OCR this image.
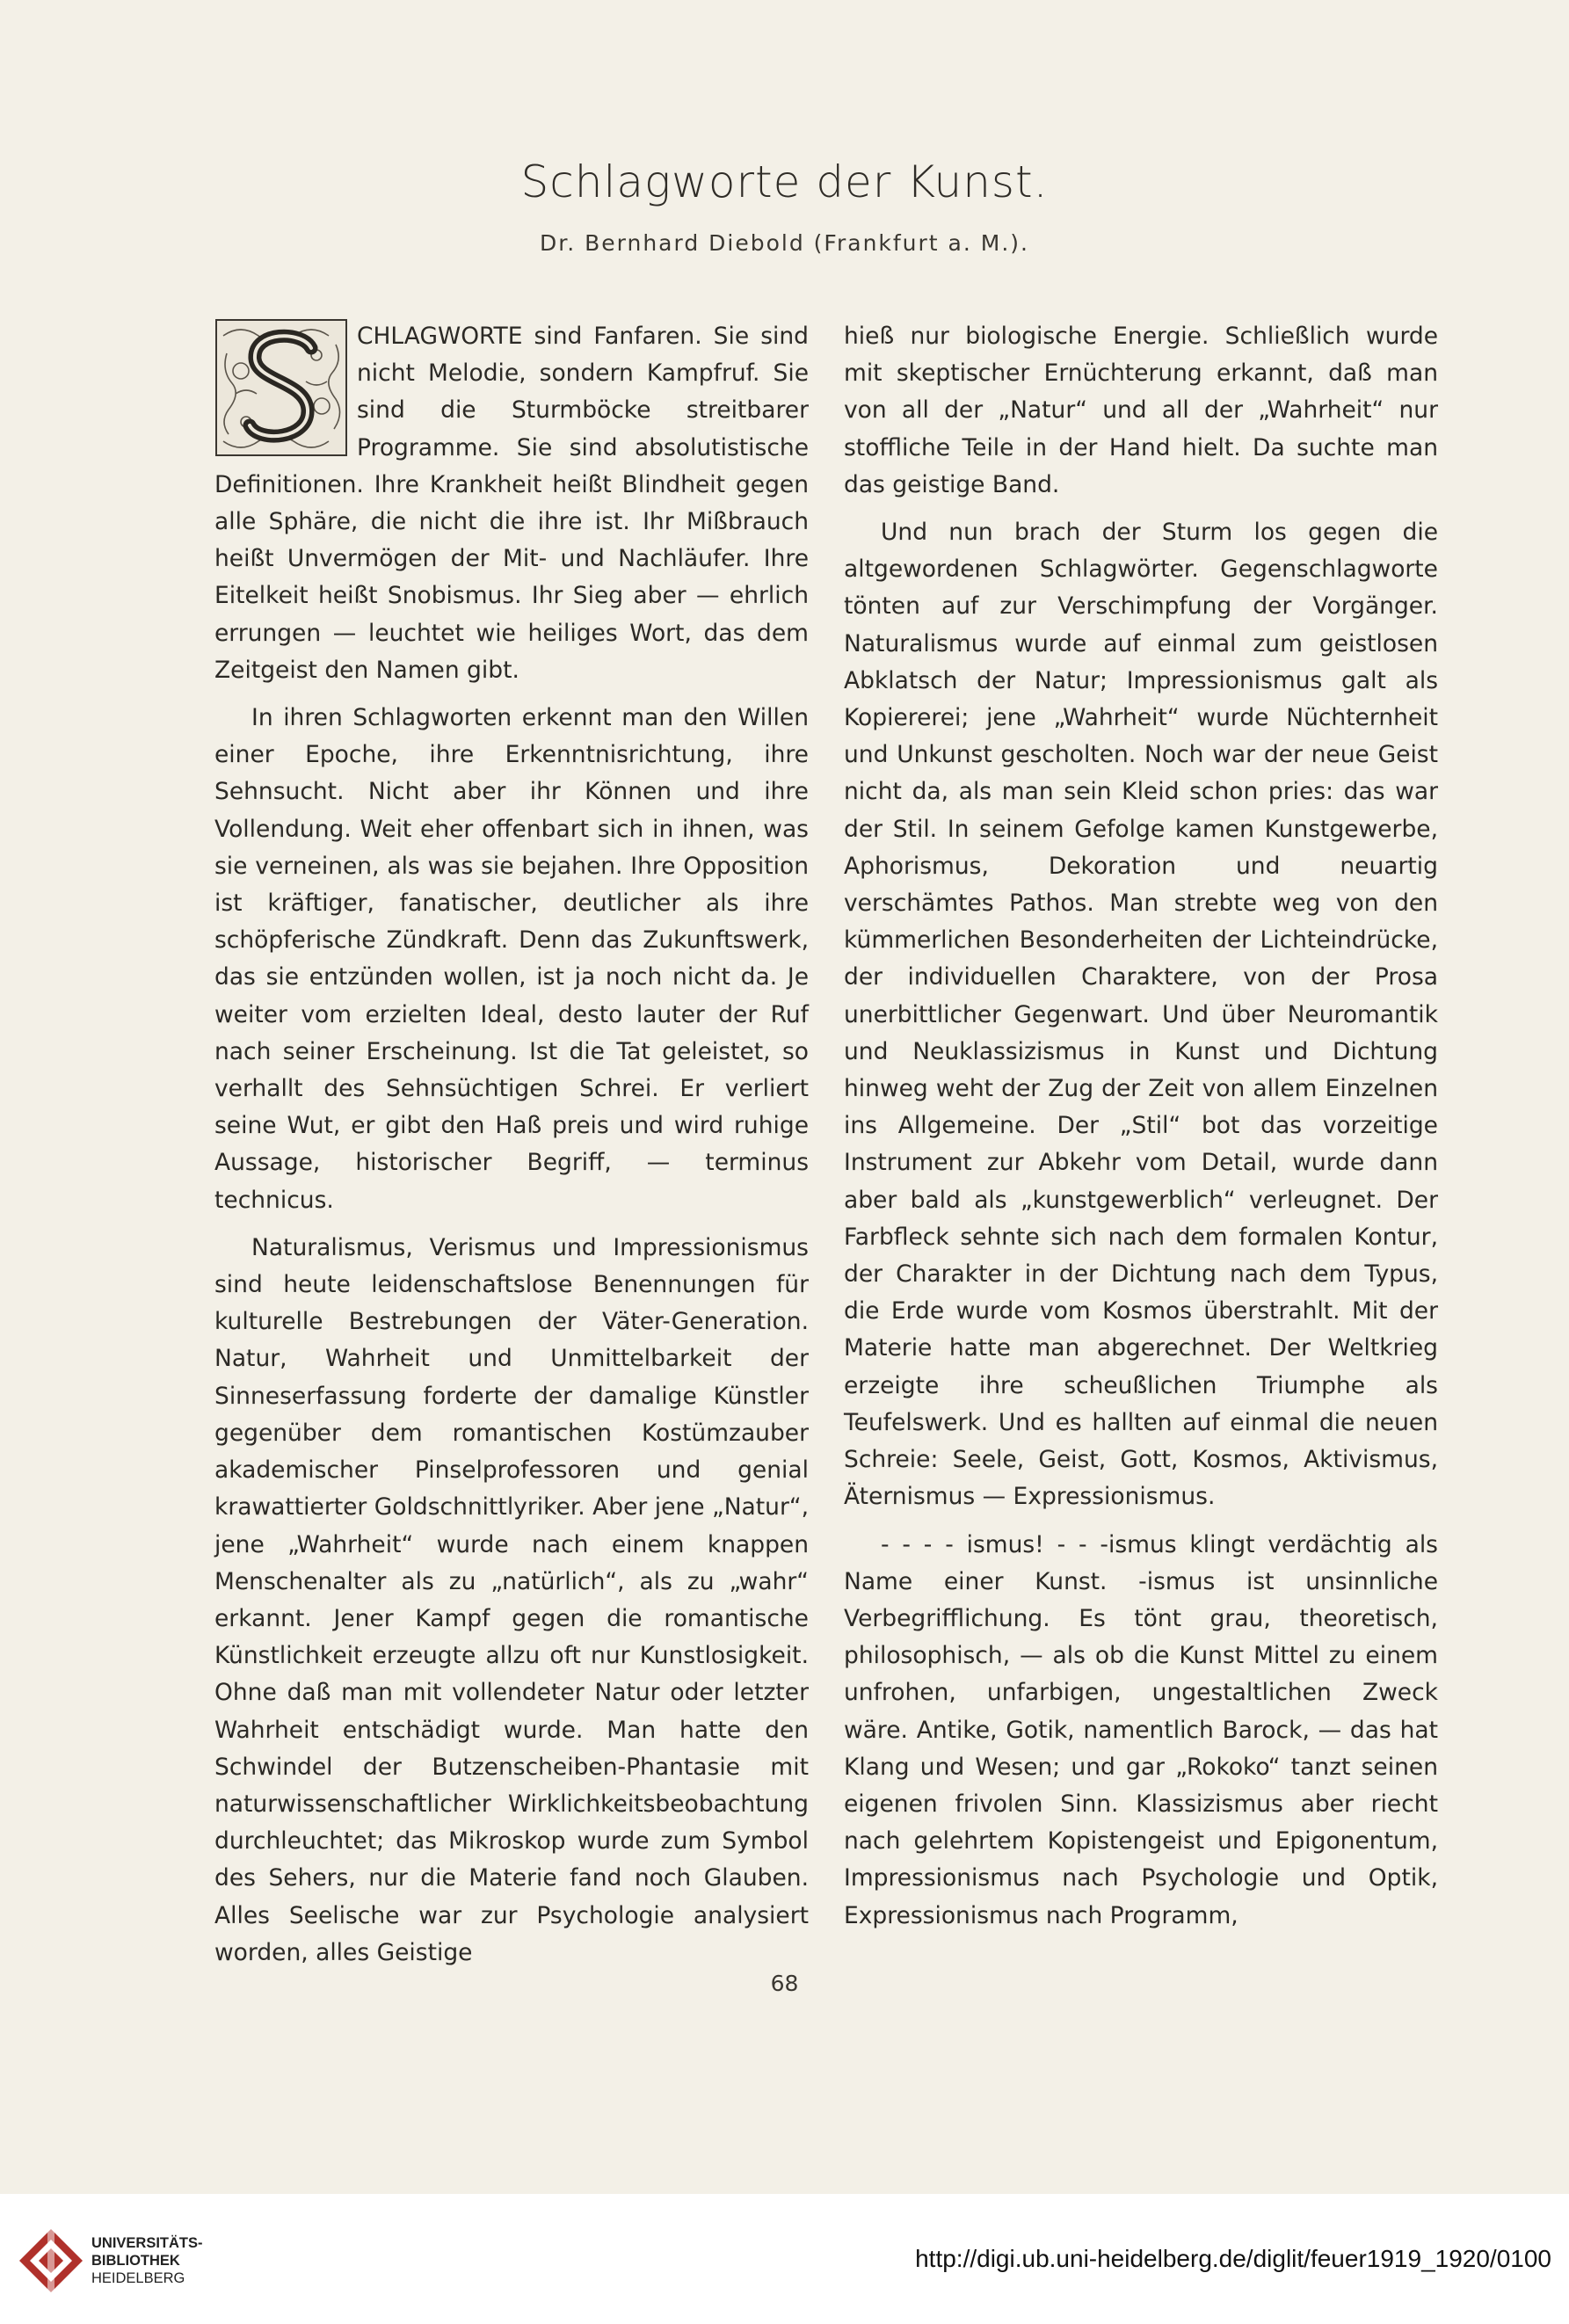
Schlagworte der Kunst.
Dr. Bernhard Diebold (Frankfurt a. M.).

CHLAGWORTE sind Fanfaren. Sie sind nicht Melodie, sondern Kampfruf. Sie sind die Sturmböcke streitbarer Programme. Sie sind absolutistische Definitionen. Ihre Krankheit heißt Blindheit gegen alle Sphäre, die nicht die ihre ist. Ihr Mißbrauch heißt Unvermögen der Mit- und Nachläufer. Ihre Eitelkeit heißt Snobismus. Ihr Sieg aber — ehrlich errungen — leuchtet wie heiliges Wort, das dem Zeitgeist den Namen gibt.

In ihren Schlagworten erkennt man den Willen einer Epoche, ihre Erkenntnisrichtung, ihre Sehnsucht. Nicht aber ihr Können und ihre Vollendung. Weit eher offenbart sich in ihnen, was sie verneinen, als was sie bejahen. Ihre Opposition ist kräftiger, fanatischer, deutlicher als ihre schöpferische Zündkraft. Denn das Zukunftswerk, das sie entzünden wollen, ist ja noch nicht da. Je weiter vom erzielten Ideal, desto lauter der Ruf nach seiner Erscheinung. Ist die Tat geleistet, so verhallt des Sehnsüchtigen Schrei. Er verliert seine Wut, er gibt den Haß preis und wird ruhige Aussage, historischer Begriff, — terminus technicus.

Naturalismus, Verismus und Impressionismus sind heute leidenschaftslose Benennungen für kulturelle Bestrebungen der Väter-Generation. Natur, Wahrheit und Unmittelbarkeit der Sinneserfassung forderte der damalige Künstler gegenüber dem romantischen Kostümzauber akademischer Pinselprofessoren und genial krawattierter Goldschnittlyriker. Aber jene „Natur“, jene „Wahrheit“ wurde nach einem knappen Menschenalter als zu „natürlich“, als zu „wahr“ erkannt. Jener Kampf gegen die romantische Künstlichkeit erzeugte allzu oft nur Kunstlosigkeit. Ohne daß man mit vollendeter Natur oder letzter Wahrheit entschädigt wurde. Man hatte den Schwindel der Butzenscheiben-Phantasie mit naturwissenschaftlicher Wirklichkeitsbeobachtung durchleuchtet; das Mikroskop wurde zum Symbol des Sehers, nur die Materie fand noch Glauben. Alles Seelische war zur Psychologie analysiert worden, alles Geistige

hieß nur biologische Energie. Schließlich wurde mit skeptischer Ernüchterung erkannt, daß man von all der „Natur“ und all der „Wahrheit“ nur stoffliche Teile in der Hand hielt. Da suchte man das geistige Band.

Und nun brach der Sturm los gegen die altgewordenen Schlagwörter. Gegenschlagworte tönten auf zur Verschimpfung der Vorgänger. Naturalismus wurde auf einmal zum geistlosen Abklatsch der Natur; Impressionismus galt als Kopiererei; jene „Wahrheit“ wurde Nüchternheit und Unkunst gescholten. Noch war der neue Geist nicht da, als man sein Kleid schon pries: das war der Stil. In seinem Gefolge kamen Kunstgewerbe, Aphorismus, Dekoration und neuartig verschämtes Pathos. Man strebte weg von den kümmerlichen Besonderheiten der Lichteindrücke, der individuellen Charaktere, von der Prosa unerbittlicher Gegenwart. Und über Neuromantik und Neuklassizismus in Kunst und Dichtung hinweg weht der Zug der Zeit von allem Einzelnen ins Allgemeine. Der „Stil“ bot das vorzeitige Instrument zur Abkehr vom Detail, wurde dann aber bald als „kunstgewerblich“ verleugnet. Der Farbfleck sehnte sich nach dem formalen Kontur, der Charakter in der Dichtung nach dem Typus, die Erde wurde vom Kosmos überstrahlt. Mit der Materie hatte man abgerechnet. Der Weltkrieg erzeigte ihre scheußlichen Triumphe als Teufelswerk. Und es hallten auf einmal die neuen Schreie: Seele, Geist, Gott, Kosmos, Aktivismus, Äternismus — Expressionismus.

- - - - ismus! - - -ismus klingt verdächtig als Name einer Kunst. -ismus ist unsinnliche Verbegrifflichung. Es tönt grau, theoretisch, philosophisch, — als ob die Kunst Mittel zu einem unfrohen, unfarbigen, ungestaltlichen Zweck wäre. Antike, Gotik, namentlich Barock, — das hat Klang und Wesen; und gar „Rokoko“ tanzt seinen eigenen frivolen Sinn. Klassizismus aber riecht nach gelehrtem Kopistengeist und Epigonentum, Impressionismus nach Psychologie und Optik, Expressionismus nach Programm,

68
UNIVERSITÄTS-
BIBLIOTHEK
HEIDELBERG
http://digi.ub.uni-heidelberg.de/diglit/feuer1919_1920/0100
